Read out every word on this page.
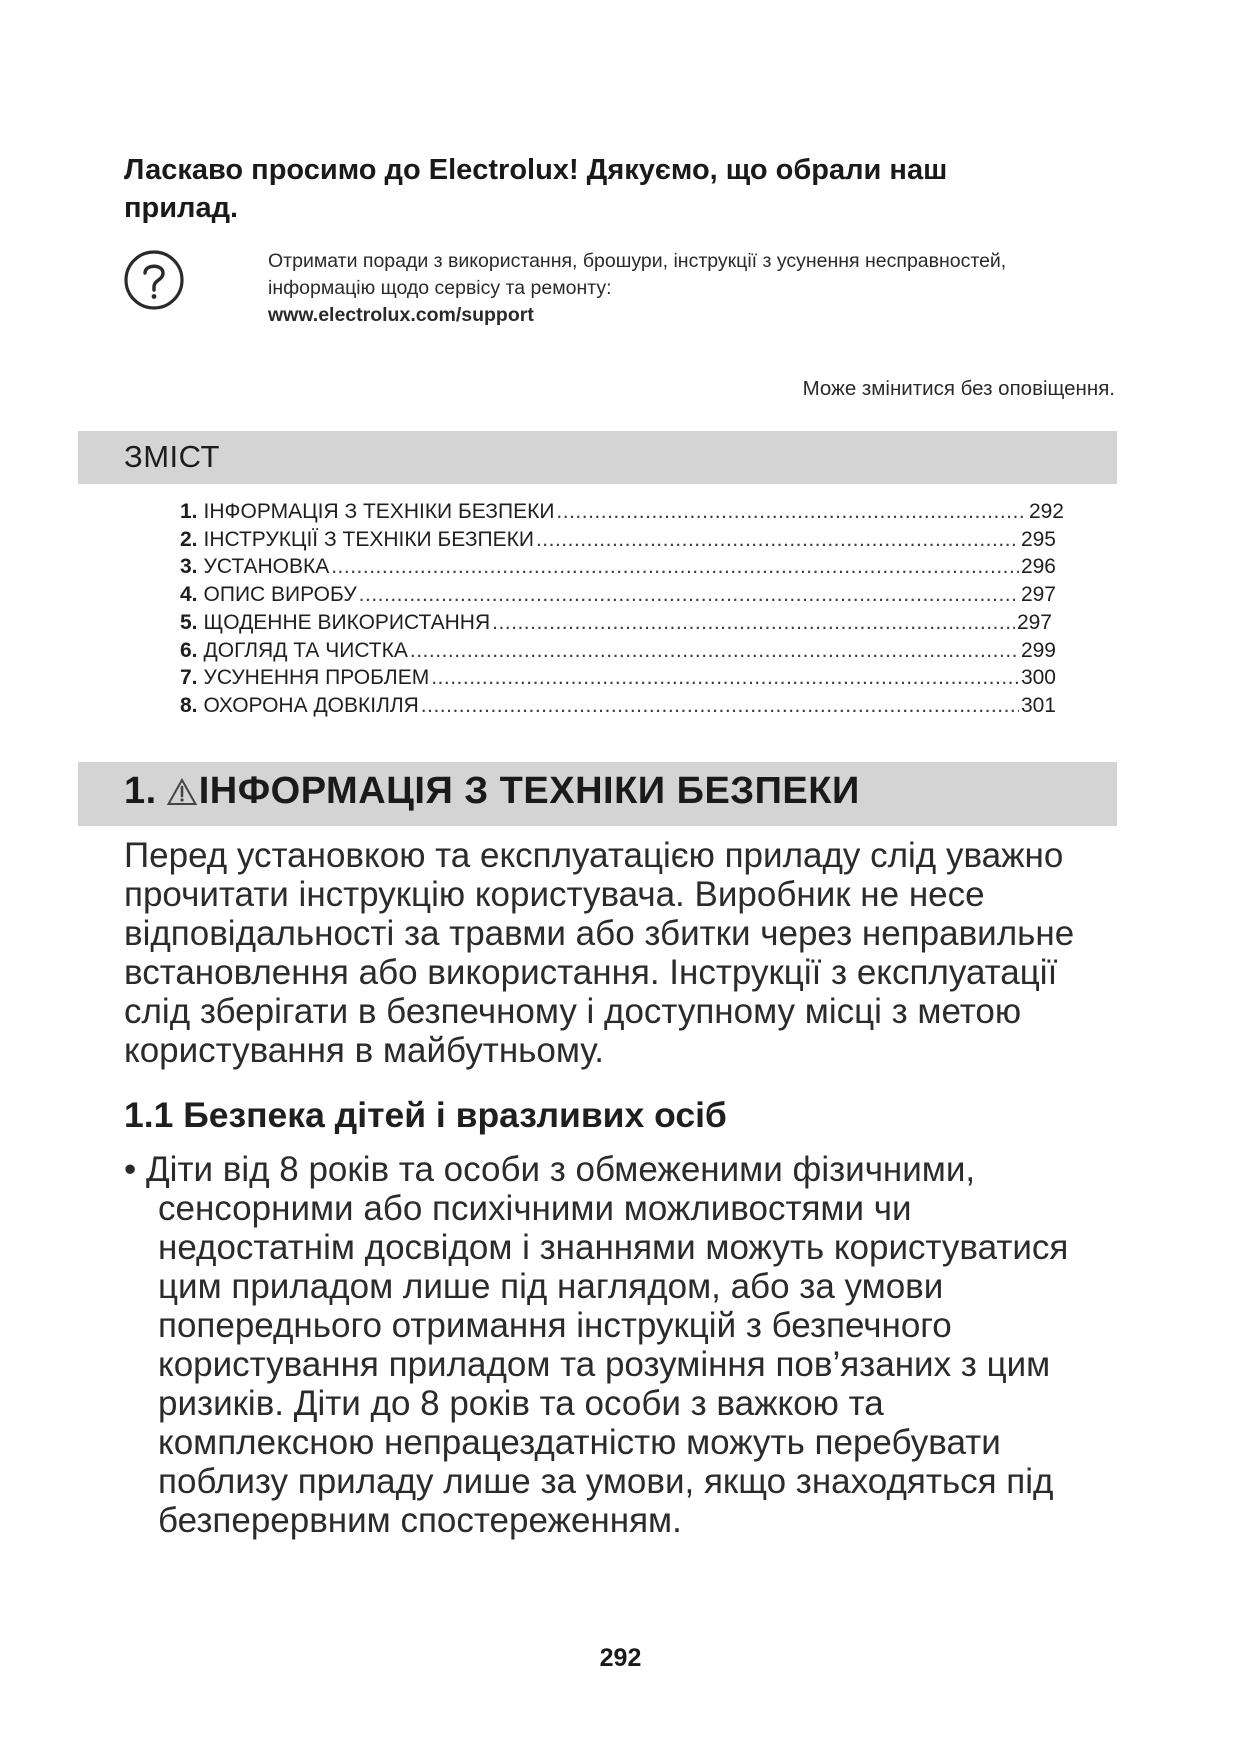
Ласкаво просимо до Electrolux! Дякуємо, що обрали наш прилад.
Отримати поради з використання, брошури, інструкції з усунення несправностей,
інформацію щодо сервісу та ремонту:
www.electrolux.com/support
Може змінитися без оповіщення.
ЗМІСТ
1. ІНФОРМАЦІЯ З ТЕХНІКИ БЕЗПЕКИ .....	292
2. ІНСТРУКЦІЇ З ТЕХНІКИ БЕЗПЕКИ .....	295
3. УСТАНОВКА .....	296
4. ОПИС ВИРОБУ .....	297
5. ЩОДЕННЕ ВИКОРИСТАННЯ .....	297
6. ДОГЛЯД ТА ЧИСТКА .....	299
7. УСУНЕННЯ ПРОБЛЕМ .....	300
8. ОХОРОНА ДОВКІЛЛЯ .....	301
1. ІНФОРМАЦІЯ З ТЕХНІКИ БЕЗПЕКИ

Перед установкою та експлуатацією приладу слід уважно
прочитати інструкцію користувача. Виробник не несе
відповідальності за травми або збитки через неправильне
встановлення або використання. Інструкції з експлуатації
слід зберігати в безпечному і доступному місці з метою
користування в майбутньому.

1.1 Безпека дітей і вразливих осіб
• Діти від 8 років та особи з обмеженими фізичними,
сенсорними або психічними можливостями чи
недостатнім досвідом і знаннями можуть користуватися
цим приладом лише під наглядом, або за умови
попереднього отримання інструкцій з безпечного
користування приладом та розуміння пов’язаних з цим
ризиків. Діти до 8 років та особи з важкою та
комплексною непрацездатністю можуть перебувати
поблизу приладу лише за умови, якщо знаходяться під
безперервним спостереженням.
292
